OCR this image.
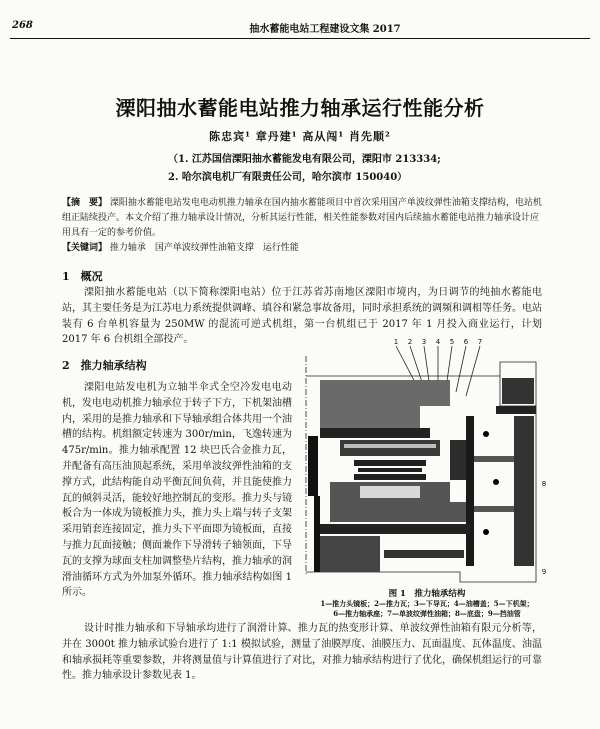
268	抽水蓄能电站工程建设文集 2017
溧阳抽水蓄能电站推力轴承运行性能分析
陈忠宾¹ 章丹建¹ 高从闯¹ 肖先顺²
（1. 江苏国信溧阳抽水蓄能发电有限公司，溧阳市 213334;
2. 哈尔滨电机厂有限责任公司，哈尔滨市 150040）

【摘　要】 溧阳抽水蓄能电站发电电动机推力轴承在国内抽水蓄能项目中首次采用国产单波纹弹性油箱支撑结构，电站机组正陆续投产。本文介绍了推力轴承设计情况，分析其运行性能，相关性能参数对国内后续抽水蓄能电站推力轴承设计应用具有一定的参考价值。

【关键词】 推力轴承　国产单波纹弹性油箱支撑　运行性能

1　概况

溧阳抽水蓄能电站（以下简称溧阳电站）位于江苏省苏南地区溧阳市境内，为日调节的纯抽水蓄能电站，其主要任务是为江苏电力系统提供调峰、填谷和紧急事故备用，同时承担系统的调频和调相等任务。电站装有 6 台单机容量为 250MW 的混流可逆式机组，第一台机组已于 2017 年 1 月投入商业运行，计划 2017 年 6 台机组全部投产。

2　推力轴承结构

溧阳电站发电机为立轴半伞式全空冷发电电动机，发电电动机推力轴承位于转子下方，下机架油槽内，采用的是推力轴承和下导轴承组合体共用一个油槽的结构。机组额定转速为 300r/min，飞逸转速为 475r/min。推力轴承配置 12 块巴氏合金推力瓦，并配备有高压油顶起系统，采用单波纹弹性油箱的支撑方式，此结构能自动平衡瓦间负荷，并且能使推力瓦的倾斜灵活，能较好地控制瓦的变形。推力头与镜板合为一体成为镜板推力头，推力头上端与转子支架采用销套连接固定，推力头下平面即为镜板面，直接与推力瓦面接触；侧面兼作下导滑转子轴领面，下导瓦的支撑为球面支柱加调整垫片结构，推力轴承的润滑油循环方式为外加泵外循环。推力轴承结构如图 1 所示。

1 2 3 4 5 6 7
8
9
图 1　推力轴承结构
1—推力头镜板；2—推力瓦；3—下导瓦；4—油槽盖；5—下机架；
6—推力轴承座；7—单波纹弹性油箱；8—底盘；9—挡油管

设计时推力轴承和下导轴承均进行了润滑计算、推力瓦的热变形计算、单波纹弹性油箱有限元分析等，并在 3000t 推力轴承试验台进行了 1:1 模拟试验，测量了油膜厚度、油膜压力、瓦面温度、瓦体温度、油温和轴承损耗等重要参数，并将测量值与计算值进行了对比，对推力轴承结构进行了优化，确保机组运行的可靠性。推力轴承设计参数见表 1。
